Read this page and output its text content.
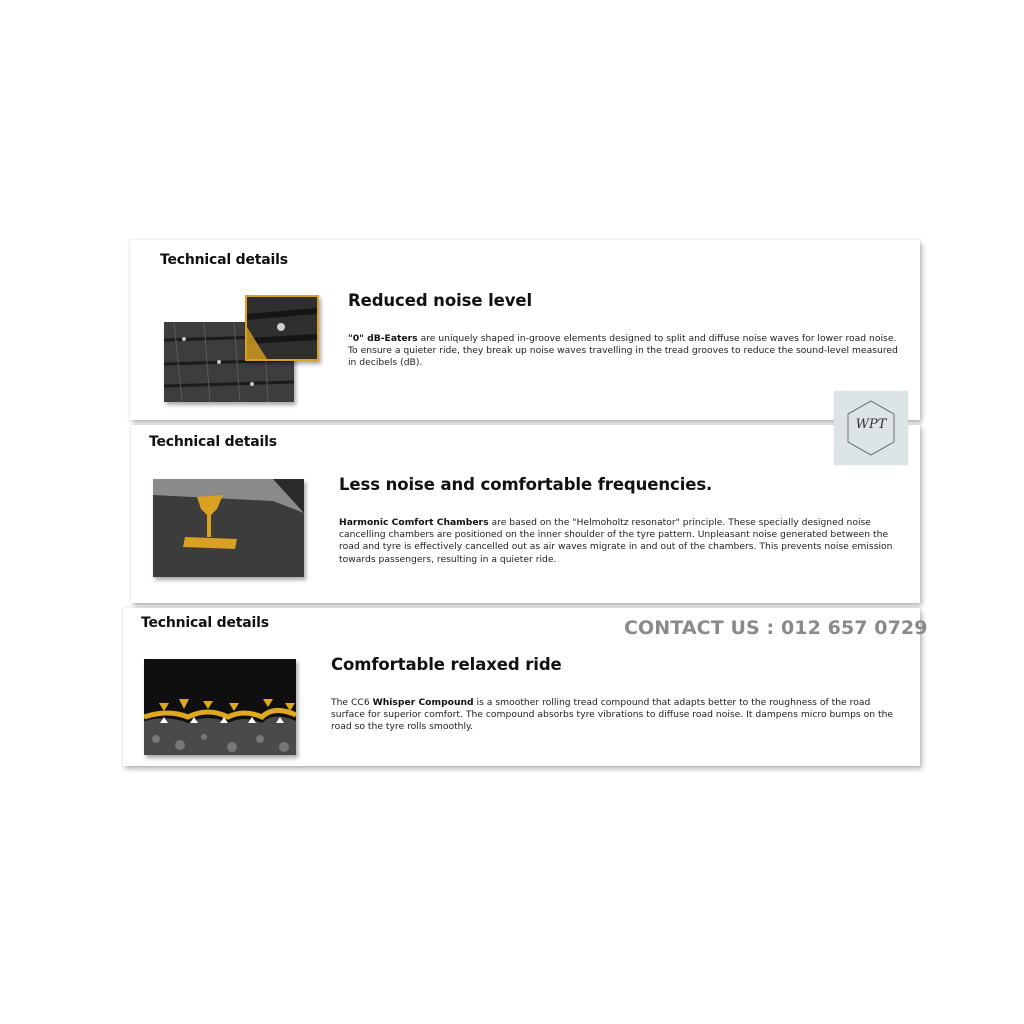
Technical details
Reduced noise level
"0" dB-Eaters are uniquely shaped in-groove elements designed to split and diffuse noise waves for lower road noise. To ensure a quieter ride, they break up noise waves travelling in the tread grooves to reduce the sound-level measured in decibels (dB).
Technical details
Less noise and comfortable frequencies.
Harmonic Comfort Chambers are based on the "Helmoholtz resonator" principle. These specially designed noise cancelling chambers are positioned on the inner shoulder of the tyre pattern. Unpleasant noise generated between the road and tyre is effectively cancelled out as air waves migrate in and out of the chambers. This prevents noise emission towards passengers, resulting in a quieter ride.
Technical details
Comfortable relaxed ride
The CC6 Whisper Compound is a smoother rolling tread compound that adapts better to the roughness of the road surface for superior comfort. The compound absorbs tyre vibrations to diffuse road noise. It dampens micro bumps on the road so the tyre rolls smoothly.
CONTACT US : 012 657 0729
WPT
